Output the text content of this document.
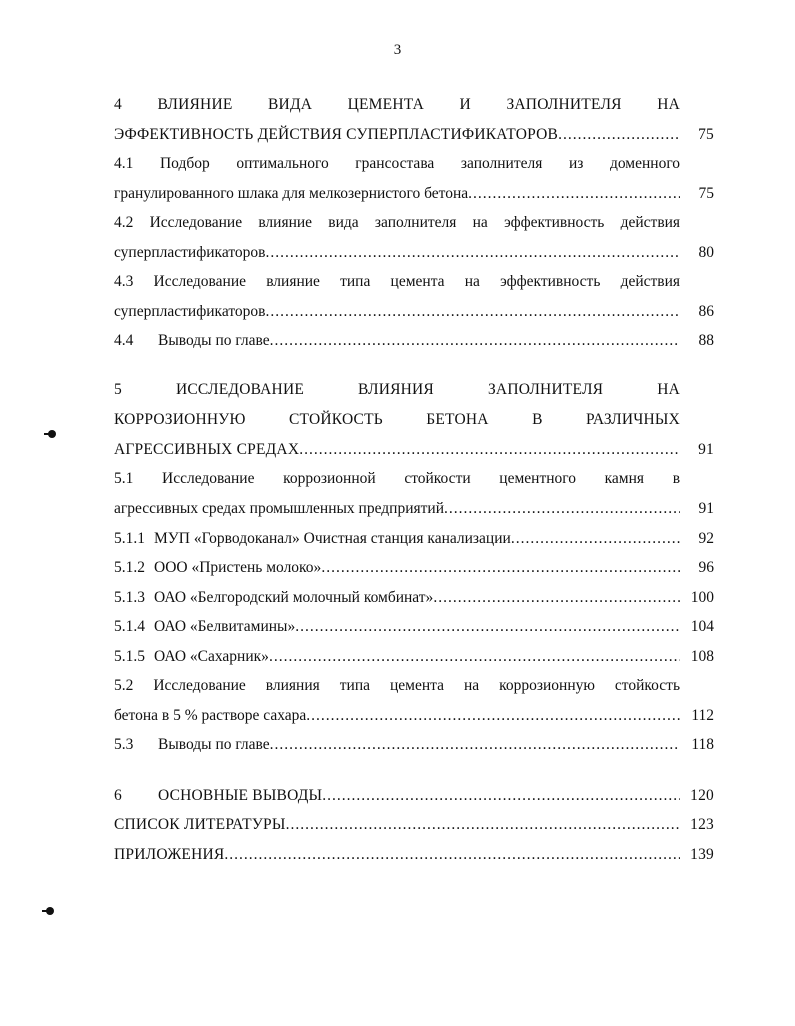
3
4 ВЛИЯНИЕ ВИДА ЦЕМЕНТА И ЗАПОЛНИТЕЛЯ НА
ЭФФЕКТИВНОСТЬ ДЕЙСТВИЯ СУПЕРПЛАСТИФИКАТОРОВ .....	75
4.1 Подбор оптимального грансостава заполнителя из доменного
гранулированного шлака для мелкозернистого бетона .....	75
4.2 Исследование влияние вида заполнителя на эффективность действия
суперпластификаторов .....	80
4.3 Исследование влияние типа цемента на эффективность действия
суперпластификаторов .....	86
4.4 Выводы по главе .....	88
5	ИССЛЕДОВАНИЕ	ВЛИЯНИЯ	ЗАПОЛНИТЕЛЯ	НА
КОРРОЗИОННУЮ	СТОЙКОСТЬ	БЕТОНА	В	РАЗЛИЧНЫХ
АГРЕССИВНЫХ СРЕДАХ .....	91
5.1 Исследование коррозионной стойкости цементного камня в
агрессивных средах промышленных предприятий .....	91
5.1.1 МУП «Горводоканал» Очистная станция канализации .....	92
5.1.2 ООО «Пристень молоко» .....	96
5.1.3 ОАО «Белгородский молочный комбинат» .....	100
5.1.4 ОАО «Белвитамины» .....	104
5.1.5 ОАО «Сахарник» .....	108
5.2 Исследование влияния типа цемента на коррозионную стойкость
бетона в 5 % растворе сахара .....	112
5.3 Выводы по главе .....	118
6 ОСНОВНЫЕ ВЫВОДЫ .....	120
СПИСОК ЛИТЕРАТУРЫ .....	123
ПРИЛОЖЕНИЯ .....	139
